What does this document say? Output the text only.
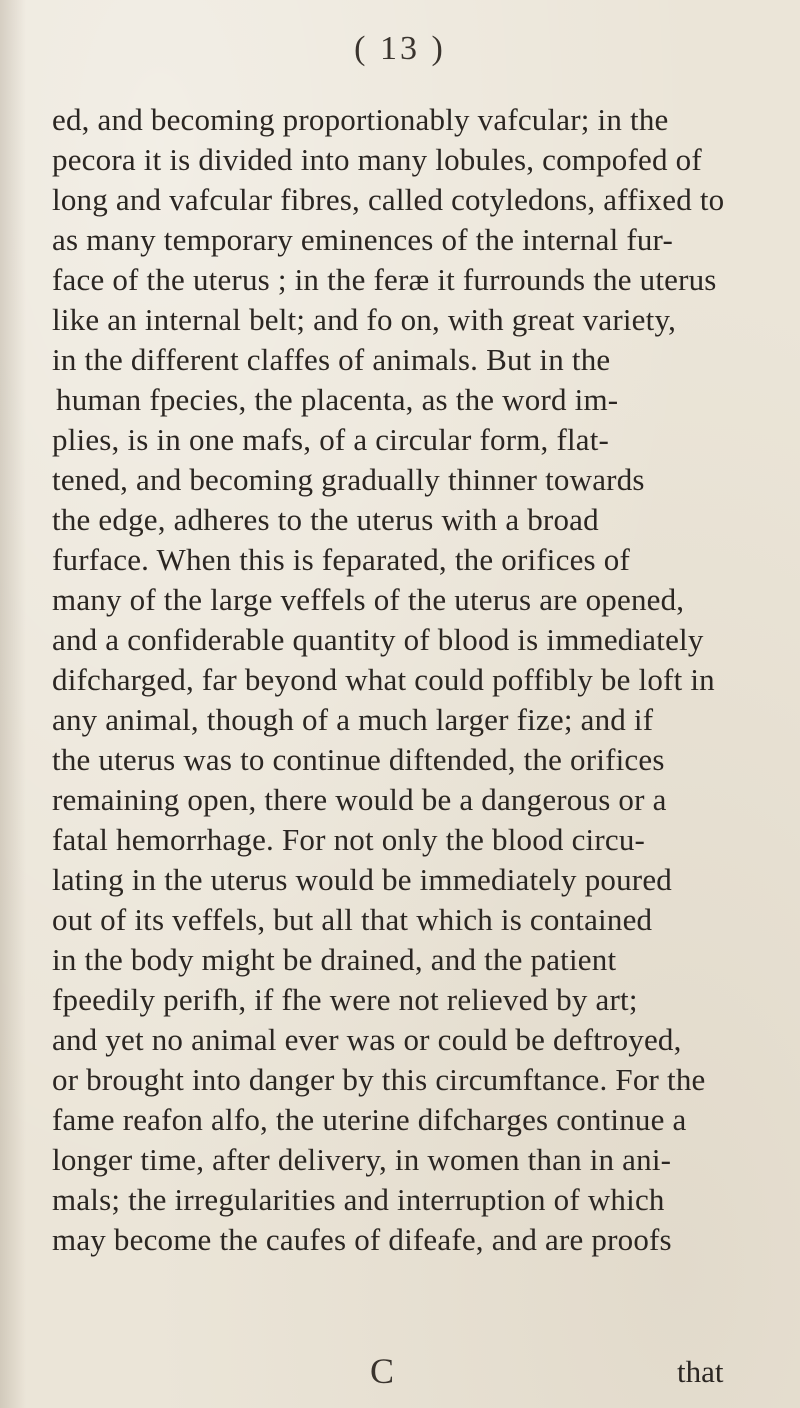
( 13 )
ed, and becoming proportionably vafcular; in the
pecora it is divided into many lobules, compofed of
long and vafcular fibres, called cotyledons, affixed to
as many temporary eminences of the internal fur-
face of the uterus ; in the feræ it furrounds the uterus
like an internal belt; and fo on, with great variety,
in the different claffes of animals. But in the
human fpecies, the placenta, as the word im-
plies, is in one mafs, of a circular form, flat-
tened, and becoming gradually thinner towards
the edge, adheres to the uterus with a broad
furface. When this is feparated, the orifices of
many of the large veffels of the uterus are opened,
and a confiderable quantity of blood is immediately
difcharged, far beyond what could poffibly be loft in
any animal, though of a much larger fize; and if
the uterus was to continue diftended, the orifices
remaining open, there would be a dangerous or a
fatal hemorrhage. For not only the blood circu-
lating in the uterus would be immediately poured
out of its veffels, but all that which is contained
in the body might be drained, and the patient
fpeedily perifh, if fhe were not relieved by art;
and yet no animal ever was or could be deftroyed,
or brought into danger by this circumftance. For the
fame reafon alfo, the uterine difcharges continue a
longer time, after delivery, in women than in ani-
mals; the irregularities and interruption of which
may become the caufes of difeafe, and are proofs
C	that
